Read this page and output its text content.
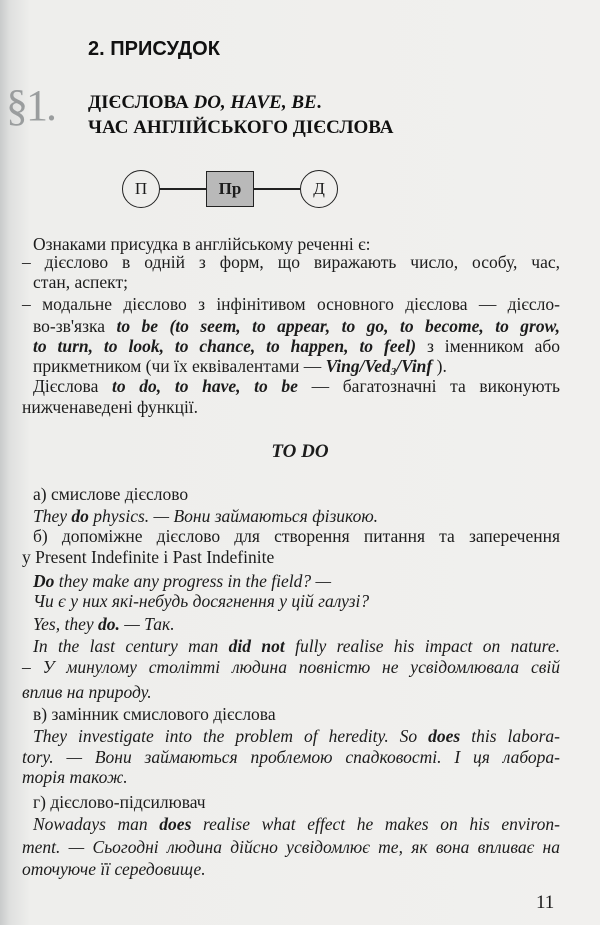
2. ПРИСУДОК
§1. ДІЄСЛОВА DO, HAVE, BE.
ЧАС АНГЛІЙСЬКОГО ДІЄСЛОВА
П	Пр	Д
Ознаками присудка в англійському реченні є:
– дієслово в одній з форм, що виражають число, особу, час,
стан, аспект;
– модальне дієслово з інфінітивом основного дієслова — дієсло-
во-зв'язка to be (to seem, to appear, to go, to become, to grow,
to turn, to look, to chance, to happen, to feel) з іменником або
прикметником (чи їх еквівалентами — Ving/Ved$_3$/Vinf ).
Дієслова to do, to have, to be — багатозначні та виконують
нижченаведені функції.
TO DO
а) смислове дієслово
They do physics. — Вони займаються фізикою.
б) допоміжне дієслово для створення питання та заперечення
у Present Indefinite і Past Indefinite
Do they make any progress in the field? —
Чи є у них які-небудь досягнення у цій галузі?
Yes, they do. — Так.
In the last century man did not fully realise his impact on nature.
– У минулому столітті людина повністю не усвідомлювала свій
вплив на природу.
в) замінник смислового дієслова
They investigate into the problem of heredity. So does this labora-
tory. — Вони займаються проблемою спадковості. І ця лабора-
торія також.
г) дієслово-підсилювач
Nowadays man does realise what effect he makes on his environ-
ment. — Сьогодні людина дійсно усвідомлює те, як вона впливає на
оточуюче її середовище.
11
